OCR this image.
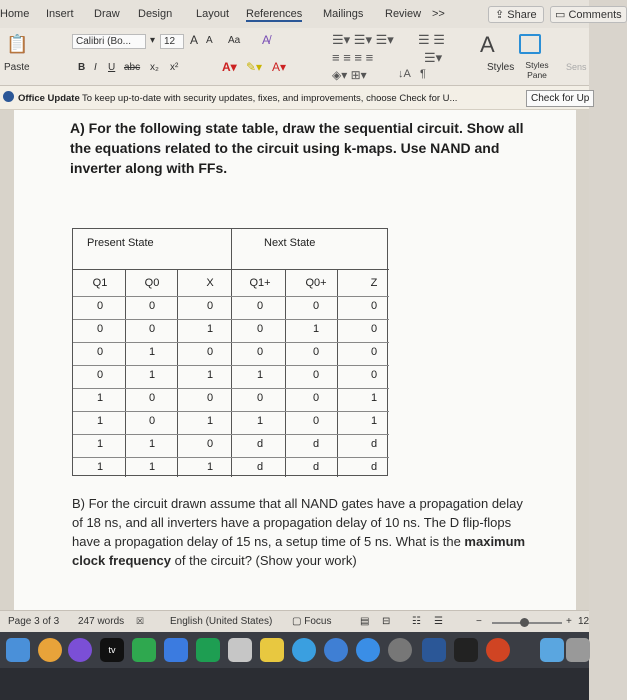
Home Insert Draw Design Layout References Mailings Review >>	⇪ Share	▭ Comments
📋
Paste
Calibri (Bo...	▾ 12	A A Aa A̸
B I U abc x₂ x²	A▾ ✎▾ A▾
☰▾ ☰▾ ☰▾ ☰ ☰
≡ ≡ ≡ ≡	☰▾
◈▾ ⊞▾	↓A ¶
A
Styles	Styles Pane
Sens
Office Update To keep up-to-date with security updates, fixes, and improvements, choose Check for U...	Check for Up
A) For the following state table, draw the sequential circuit. Show all the equations related to the circuit using k-maps. Use NAND and inverter along with FFs.
Present State	Next State
Q1	Q0	X	Q1+	Q0+	Z
0	0	0	0	0	0
0	0	1	0	1	0
0	1	0	0	0	0
0	1	1	1	0	0
1	0	0	0	0	1
1	0	1	1	0	1
1	1	0	d	d	d
1	1	1	d	d	d
B) For the circuit drawn assume that all NAND gates have a propagation delay of 18 ns, and all inverters have a propagation delay of 10 ns. The D flip-flops have a propagation delay of 15 ns, a setup time of 5 ns. What is the maximum clock frequency of the circuit? (Show your work)
Page 3 of 3 247 words ☒	English (United States) ▢ Focus	▤ ⊟ ☷ ☰	−	+ 12
tv
